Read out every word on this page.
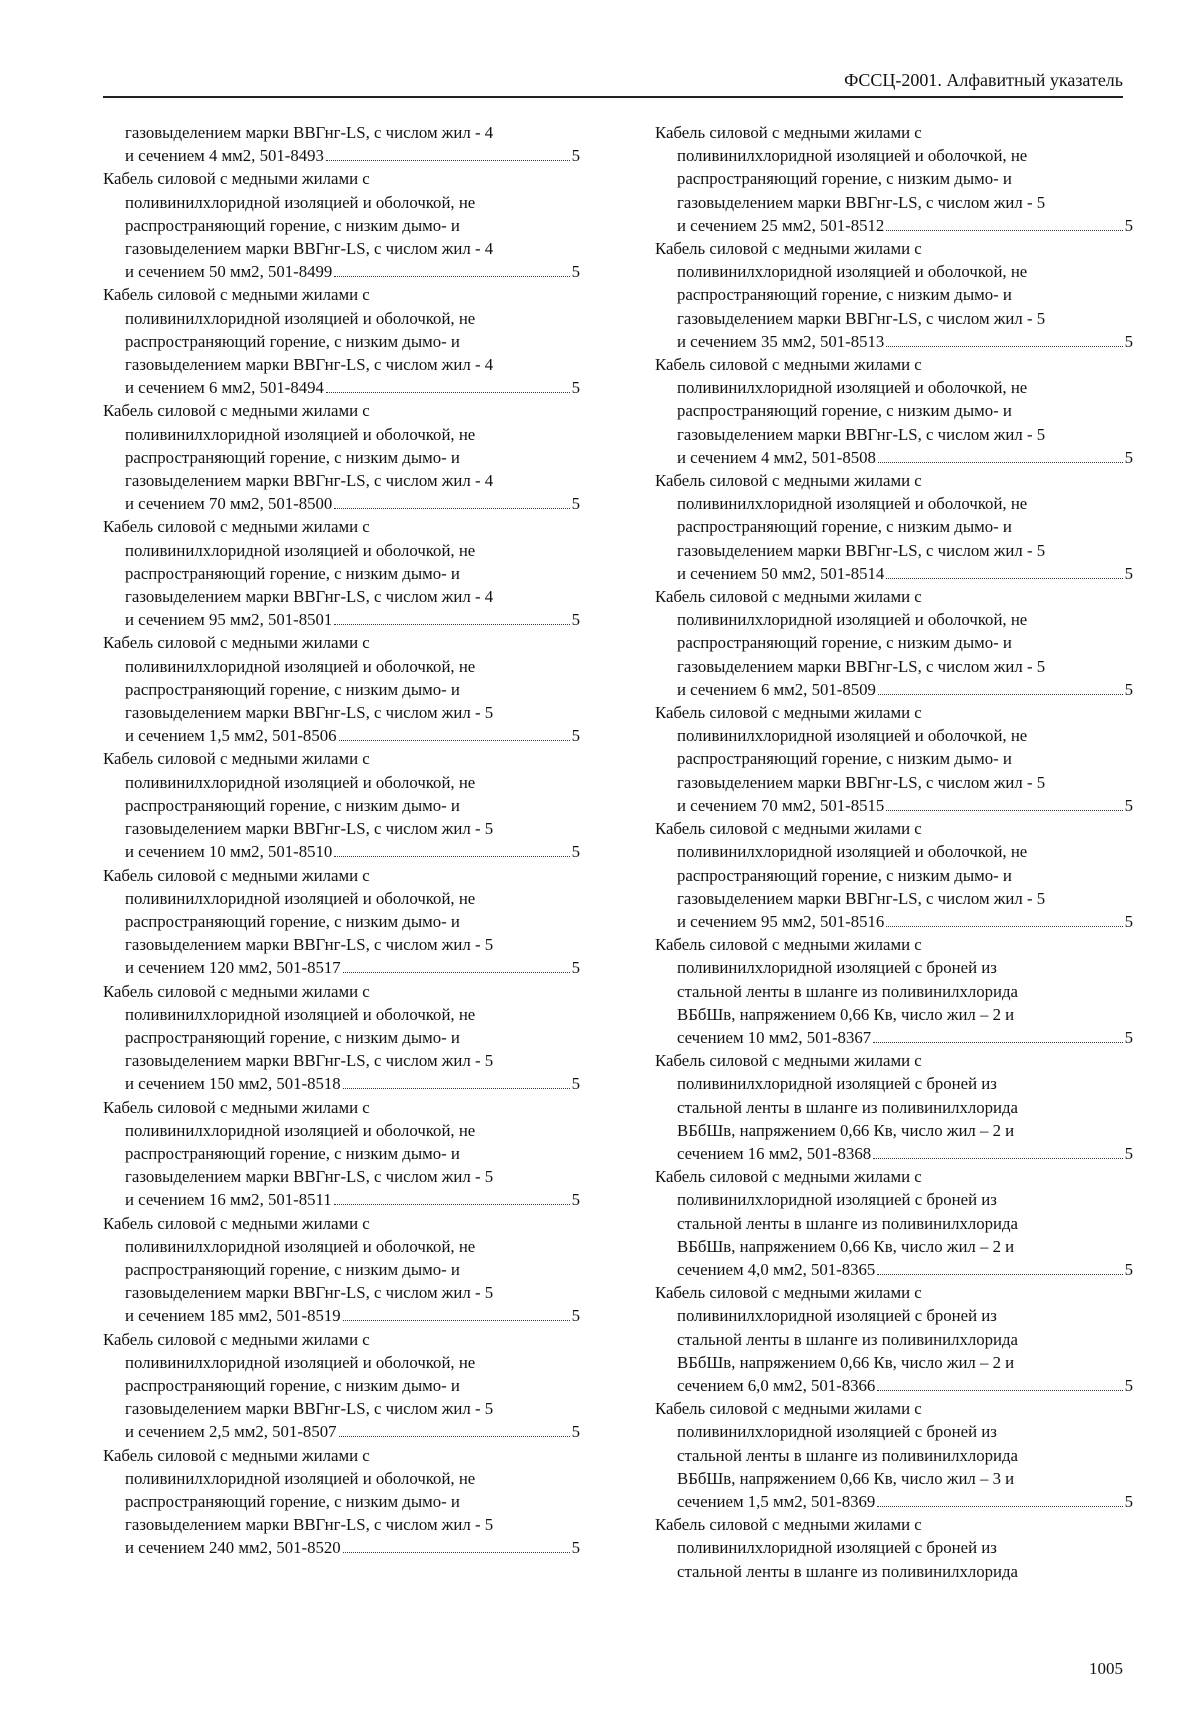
ФССЦ-2001. Алфавитный указатель
газовыделением марки ВВГнг-LS, с числом жил - 4
и сечением 4 мм2, 501-8493	5
Кабель силовой с медными жилами с
поливинилхлоридной изоляцией и оболочкой, не
распространяющий горение, с низким дымо- и
газовыделением марки ВВГнг-LS, с числом жил - 4
и сечением 50 мм2, 501-8499	5
Кабель силовой с медными жилами с
поливинилхлоридной изоляцией и оболочкой, не
распространяющий горение, с низким дымо- и
газовыделением марки ВВГнг-LS, с числом жил - 4
и сечением 6 мм2, 501-8494	5
Кабель силовой с медными жилами с
поливинилхлоридной изоляцией и оболочкой, не
распространяющий горение, с низким дымо- и
газовыделением марки ВВГнг-LS, с числом жил - 4
и сечением 70 мм2, 501-8500	5
Кабель силовой с медными жилами с
поливинилхлоридной изоляцией и оболочкой, не
распространяющий горение, с низким дымо- и
газовыделением марки ВВГнг-LS, с числом жил - 4
и сечением 95 мм2, 501-8501	5
Кабель силовой с медными жилами с
поливинилхлоридной изоляцией и оболочкой, не
распространяющий горение, с низким дымо- и
газовыделением марки ВВГнг-LS, с числом жил - 5
и сечением 1,5 мм2, 501-8506	5
Кабель силовой с медными жилами с
поливинилхлоридной изоляцией и оболочкой, не
распространяющий горение, с низким дымо- и
газовыделением марки ВВГнг-LS, с числом жил - 5
и сечением 10 мм2, 501-8510	5
Кабель силовой с медными жилами с
поливинилхлоридной изоляцией и оболочкой, не
распространяющий горение, с низким дымо- и
газовыделением марки ВВГнг-LS, с числом жил - 5
и сечением 120 мм2, 501-8517	5
Кабель силовой с медными жилами с
поливинилхлоридной изоляцией и оболочкой, не
распространяющий горение, с низким дымо- и
газовыделением марки ВВГнг-LS, с числом жил - 5
и сечением 150 мм2, 501-8518	5
Кабель силовой с медными жилами с
поливинилхлоридной изоляцией и оболочкой, не
распространяющий горение, с низким дымо- и
газовыделением марки ВВГнг-LS, с числом жил - 5
и сечением 16 мм2, 501-8511	5
Кабель силовой с медными жилами с
поливинилхлоридной изоляцией и оболочкой, не
распространяющий горение, с низким дымо- и
газовыделением марки ВВГнг-LS, с числом жил - 5
и сечением 185 мм2, 501-8519	5
Кабель силовой с медными жилами с
поливинилхлоридной изоляцией и оболочкой, не
распространяющий горение, с низким дымо- и
газовыделением марки ВВГнг-LS, с числом жил - 5
и сечением 2,5 мм2, 501-8507	5
Кабель силовой с медными жилами с
поливинилхлоридной изоляцией и оболочкой, не
распространяющий горение, с низким дымо- и
газовыделением марки ВВГнг-LS, с числом жил - 5
и сечением 240 мм2, 501-8520	5
Кабель силовой с медными жилами с
поливинилхлоридной изоляцией и оболочкой, не
распространяющий горение, с низким дымо- и
газовыделением марки ВВГнг-LS, с числом жил - 5
и сечением 25 мм2, 501-8512	5
Кабель силовой с медными жилами с
поливинилхлоридной изоляцией и оболочкой, не
распространяющий горение, с низким дымо- и
газовыделением марки ВВГнг-LS, с числом жил - 5
и сечением 35 мм2, 501-8513	5
Кабель силовой с медными жилами с
поливинилхлоридной изоляцией и оболочкой, не
распространяющий горение, с низким дымо- и
газовыделением марки ВВГнг-LS, с числом жил - 5
и сечением 4 мм2, 501-8508	5
Кабель силовой с медными жилами с
поливинилхлоридной изоляцией и оболочкой, не
распространяющий горение, с низким дымо- и
газовыделением марки ВВГнг-LS, с числом жил - 5
и сечением 50 мм2, 501-8514	5
Кабель силовой с медными жилами с
поливинилхлоридной изоляцией и оболочкой, не
распространяющий горение, с низким дымо- и
газовыделением марки ВВГнг-LS, с числом жил - 5
и сечением 6 мм2, 501-8509	5
Кабель силовой с медными жилами с
поливинилхлоридной изоляцией и оболочкой, не
распространяющий горение, с низким дымо- и
газовыделением марки ВВГнг-LS, с числом жил - 5
и сечением 70 мм2, 501-8515	5
Кабель силовой с медными жилами с
поливинилхлоридной изоляцией и оболочкой, не
распространяющий горение, с низким дымо- и
газовыделением марки ВВГнг-LS, с числом жил - 5
и сечением 95 мм2, 501-8516	5
Кабель силовой с медными жилами с
поливинилхлоридной изоляцией с броней из
стальной ленты в шланге из поливинилхлорида
ВБбШв, напряжением 0,66 Кв, число жил – 2 и
сечением 10 мм2, 501-8367	5
Кабель силовой с медными жилами с
поливинилхлоридной изоляцией с броней из
стальной ленты в шланге из поливинилхлорида
ВБбШв, напряжением 0,66 Кв, число жил – 2 и
сечением 16 мм2, 501-8368	5
Кабель силовой с медными жилами с
поливинилхлоридной изоляцией с броней из
стальной ленты в шланге из поливинилхлорида
ВБбШв, напряжением 0,66 Кв, число жил – 2 и
сечением 4,0 мм2, 501-8365	5
Кабель силовой с медными жилами с
поливинилхлоридной изоляцией с броней из
стальной ленты в шланге из поливинилхлорида
ВБбШв, напряжением 0,66 Кв, число жил – 2 и
сечением 6,0 мм2, 501-8366	5
Кабель силовой с медными жилами с
поливинилхлоридной изоляцией с броней из
стальной ленты в шланге из поливинилхлорида
ВБбШв, напряжением 0,66 Кв, число жил – 3 и
сечением 1,5 мм2, 501-8369	5
Кабель силовой с медными жилами с
поливинилхлоридной изоляцией с броней из
стальной ленты в шланге из поливинилхлорида
1005
